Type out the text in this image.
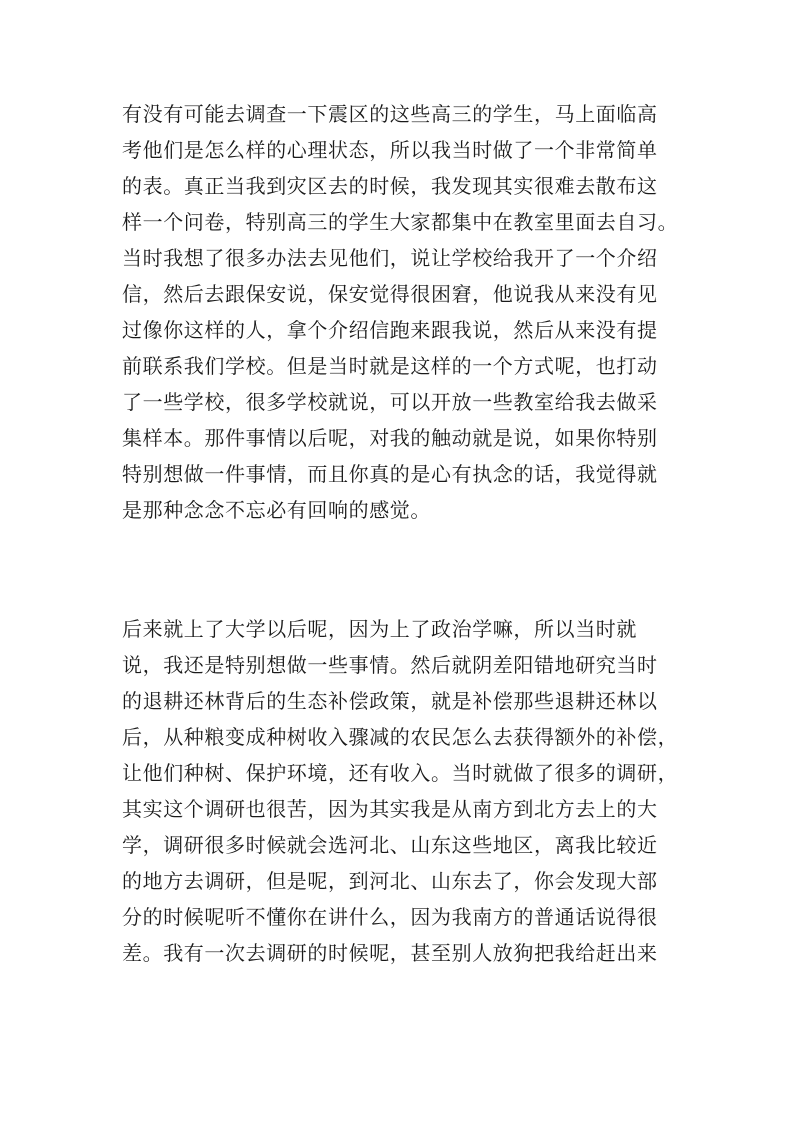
有没有可能去调查一下震区的这些高三的学生，马上面临高
考他们是怎么样的心理状态，所以我当时做了一个非常简单
的表。真正当我到灾区去的时候，我发现其实很难去散布这
样一个问卷，特别高三的学生大家都集中在教室里面去自习。
当时我想了很多办法去见他们，说让学校给我开了一个介绍
信，然后去跟保安说，保安觉得很困窘，他说我从来没有见
过像你这样的人，拿个介绍信跑来跟我说，然后从来没有提
前联系我们学校。但是当时就是这样的一个方式呢，也打动
了一些学校，很多学校就说，可以开放一些教室给我去做采
集样本。那件事情以后呢，对我的触动就是说，如果你特别
特别想做一件事情，而且你真的是心有执念的话，我觉得就
是那种念念不忘必有回响的感觉。
后来就上了大学以后呢，因为上了政治学嘛，所以当时就
说，我还是特别想做一些事情。然后就阴差阳错地研究当时
的退耕还林背后的生态补偿政策，就是补偿那些退耕还林以
后，从种粮变成种树收入骤减的农民怎么去获得额外的补偿，
让他们种树、保护环境，还有收入。当时就做了很多的调研，
其实这个调研也很苦，因为其实我是从南方到北方去上的大
学，调研很多时候就会选河北、山东这些地区，离我比较近
的地方去调研，但是呢，到河北、山东去了，你会发现大部
分的时候呢听不懂你在讲什么，因为我南方的普通话说得很
差。我有一次去调研的时候呢，甚至别人放狗把我给赶出来
